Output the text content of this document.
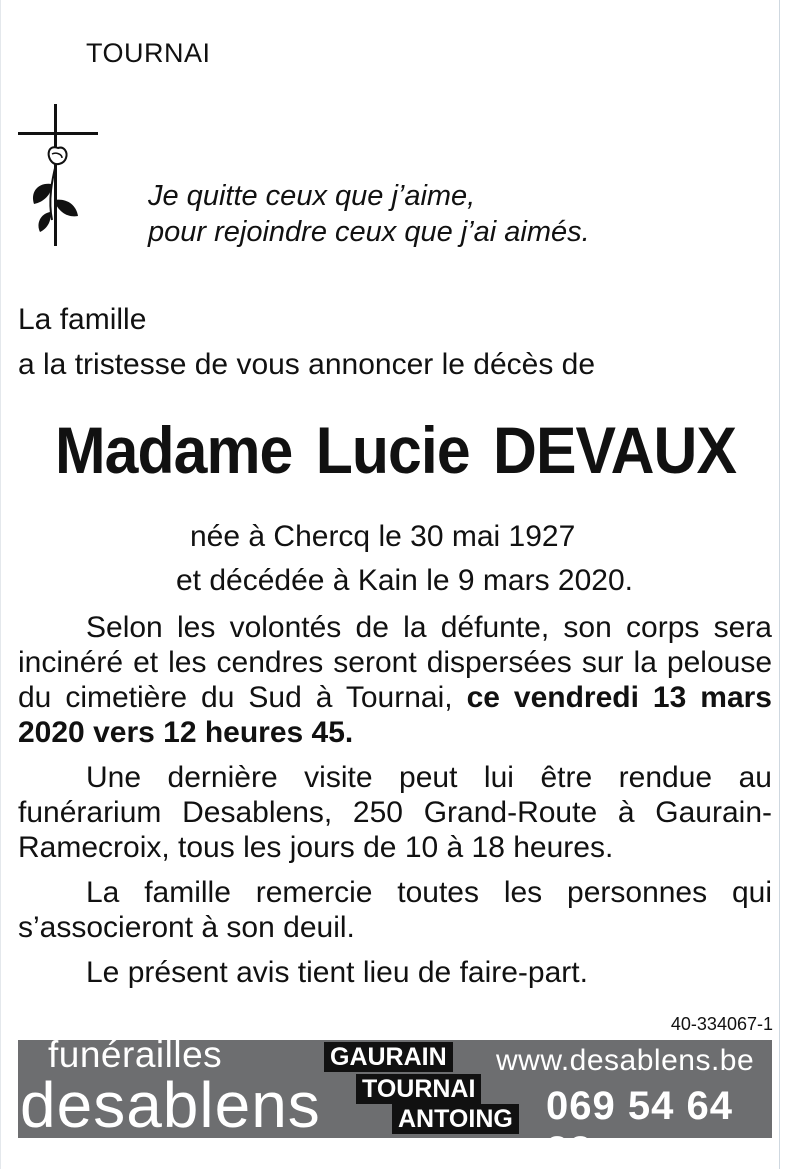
TOURNAI
Je quitte ceux que j’aime,
pour rejoindre ceux que j’ai aimés.
La famille
a la tristesse de vous annoncer le décès de
Madame Lucie DEVAUX
née à Chercq le 30 mai 1927
et décédée à Kain le 9 mars 2020.

Selon les volontés de la défunte, son corps sera incinéré et les cendres seront dispersées sur la pelouse du cimetière du Sud à Tournai, ce vendredi 13 mars 2020 vers 12 heures 45.

Une dernière visite peut lui être rendue au funérarium Desablens, 250 Grand-Route à Gaurain-Ramecroix, tous les jours de 10 à 18 heures.

La famille remercie toutes les personnes qui s’associeront à son deuil.

Le présent avis tient lieu de faire-part.

40-334067-1
funérailles
desablens
GAURAIN
TOURNAI
ANTOING
www.desablens.be
069 54 64 22
